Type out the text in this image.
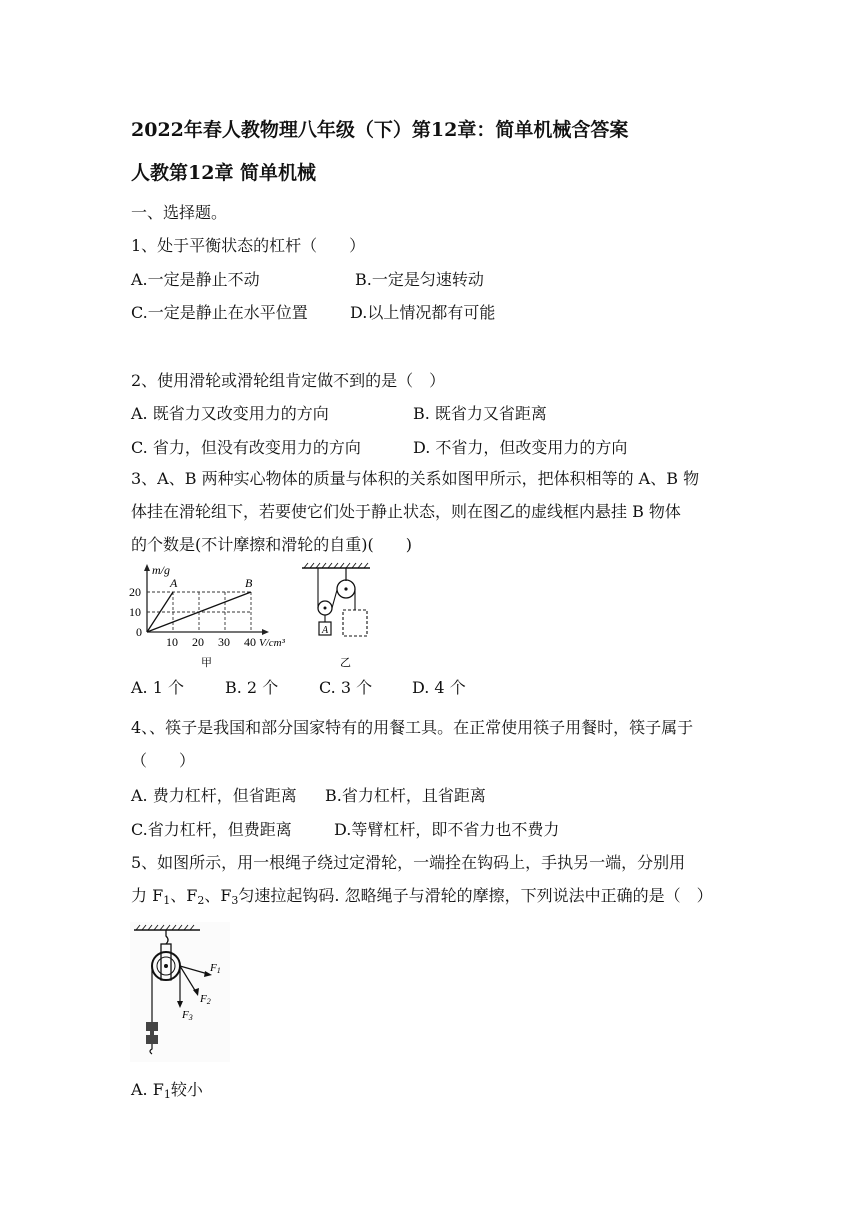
2022年春人教物理八年级（下）第12章：简单机械含答案
人教第12章 简单机械
一、选择题。
1、处于平衡状态的杠杆（　　）
A.一定是静止不动	B.一定是匀速转动
C.一定是静止在水平位置	D.以上情况都有可能
2、使用滑轮或滑轮组肯定做不到的是（　）
A. 既省力又改变用力的方向	B. 既省力又省距离
C. 省力，但没有改变用力的方向	D. 不省力，但改变用力的方向
3、A、B 两种实心物体的质量与体积的关系如图甲所示，把体积相等的 A、B 物
体挂在滑轮组下，若要使它们处于静止状态，则在图乙的虚线框内悬挂 B 物体
的个数是(不计摩擦和滑轮的自重)(　　)
m/g
A	B
20
10
0
10 20 30 40 V/cm³
甲
A
乙
A. 1 个	B. 2 个	C. 3 个 D. 4 个
4、、筷子是我国和部分国家特有的用餐工具。在正常使用筷子用餐时，筷子属于
（　　）
A. 费力杠杆，但省距离 B.省力杠杆，且省距离
C.省力杠杆，但费距离	D.等臂杠杆，即不省力也不费力
5、如图所示，用一根绳子绕过定滑轮，一端拴在钩码上，手执另一端，分别用
力 $F_1$、$F_2$、$F_3$匀速拉起钩码. 忽略绳子与滑轮的摩擦，下列说法中正确的是（　）
F1
F2
F3
A. $F_1$较小
